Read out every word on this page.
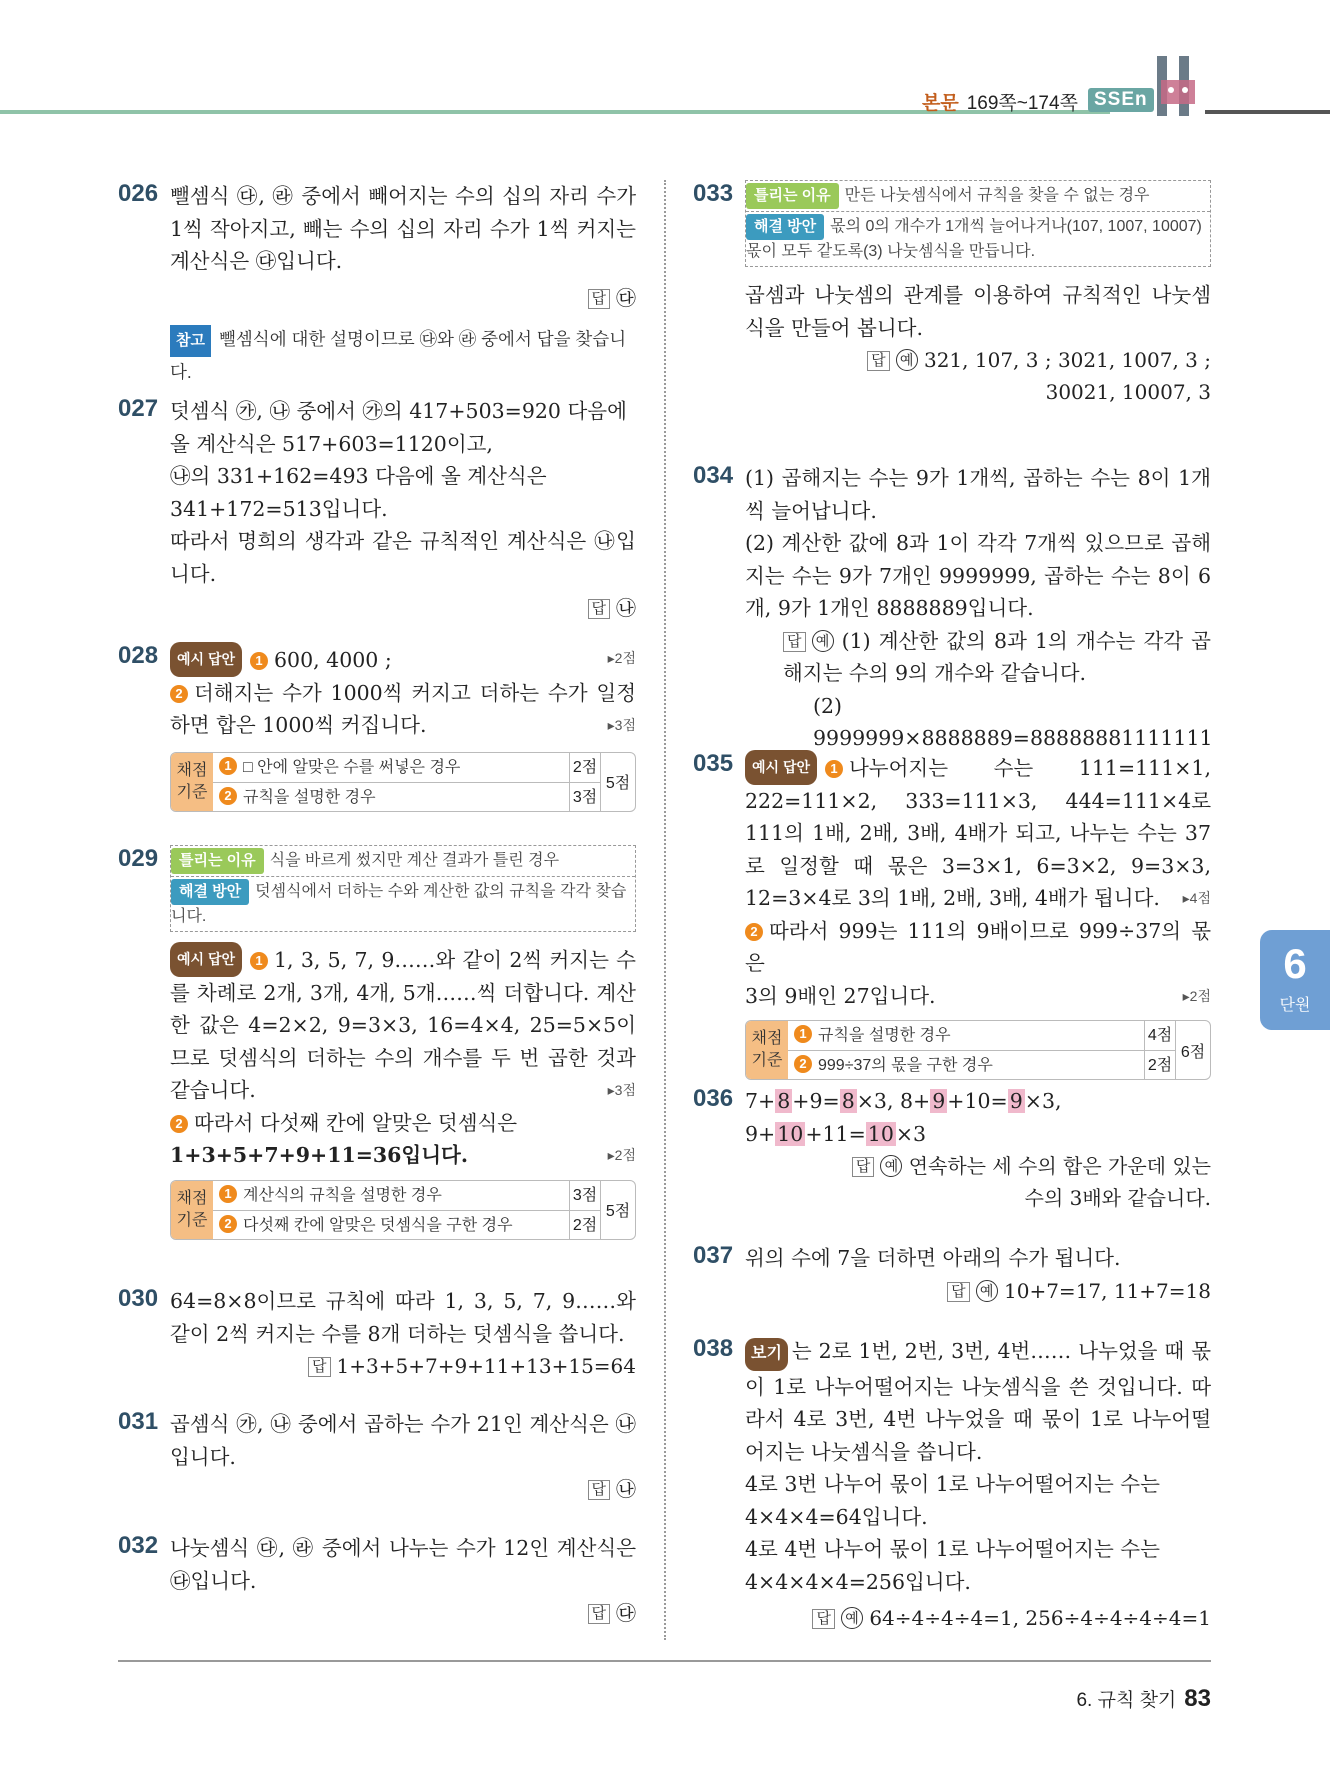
본문 169쪽~174쪽 SSEn
026 뺄셈식 ㉰, ㉱ 중에서 빼어지는 수의 십의 자리 수가 1씩 작아지고, 빼는 수의 십의 자리 수가 1씩 커지는 계산식은 ㉰입니다.
답 ㉰
참고 뺄셈식에 대한 설명이므로 ㉰와 ㉱ 중에서 답을 찾습니다.
027 덧셈식 ㉮, ㉯ 중에서 ㉮의 417+503=920 다음에

올 계산식은 517+603=1120이고,

㉯의 331+162=493 다음에 올 계산식은

341+172=513입니다.

따라서 명희의 생각과 같은 규칙적인 계산식은 ㉯입니다.

답 ㉯
028	예시 답안 1 600, 4000 ;	▸2점

2 더해지는 수가 1000씩 커지고 더하는 수가 일정하면 합은 1000씩 커집니다.	▸3점

채점
기준
1 □ 안에 알맞은 수를 써넣은 경우	2점
2 규칙을 설명한 경우	3점
5점
029	틀리는 이유 식을 바르게 썼지만 계산 결과가 틀린 경우
해결 방안 덧셈식에서 더하는 수와 계산한 값의 규칙을 각각 찾습니다.

예시 답안 1 1, 3, 5, 7, 9……와 같이 2씩 커지는 수를 차례로 2개, 3개, 4개, 5개……씩 더합니다. 계산한 값은 4=2×2, 9=3×3, 16=4×4, 25=5×5이므로 덧셈식의 더하는 수의 개수를 두 번 곱한 것과 같습니다.	▸3점

2 따라서 다섯째 칸에 알맞은 덧셈식은

1+3+5+7+9+11=36입니다.	▸2점

채점
기준
1 계산식의 규칙을 설명한 경우	3점
2 다섯째 칸에 알맞은 덧셈식을 구한 경우	2점
5점
030 64=8×8이므로 규칙에 따라 1, 3, 5, 7, 9……와 같이 2씩 커지는 수를 8개 더하는 덧셈식을 씁니다.
답 1+3+5+7+9+11+13+15=64
031 곱셈식 ㉮, ㉯ 중에서 곱하는 수가 21인 계산식은 ㉯입니다.
답 ㉯
032 나눗셈식 ㉰, ㉱ 중에서 나누는 수가 12인 계산식은 ㉰입니다.
답 ㉰
033	틀리는 이유 만든 나눗셈식에서 규칙을 찾을 수 없는 경우
해결 방안 몫의 0의 개수가 1개씩 늘어나거나(107, 1007, 10007) 몫이 모두 같도록(3) 나눗셈식을 만듭니다.
곱셈과 나눗셈의 관계를 이용하여 규칙적인 나눗셈식을 만들어 봅니다.
답 예 321, 107, 3 ; 3021, 1007, 3 ;
30021, 10007, 3
034 (1) 곱해지는 수는 9가 1개씩, 곱하는 수는 8이 1개씩 늘어납니다.

(2) 계산한 값에 8과 1이 각각 7개씩 있으므로 곱해지는 수는 9가 7개인 9999999, 곱하는 수는 8이 6개, 9가 1개인 8888889입니다.

답 예 (1) 계산한 값의 8과 1의 개수는 각각 곱해지는 수의 9의 개수와 같습니다.
(2) 9999999×8888889=88888881111111
035	예시 답안 1 나누어지는 수는 111=111×1, 222=111×2, 333=111×3, 444=111×4로 111의 1배, 2배, 3배, 4배가 되고, 나누는 수는 37로 일정할 때 몫은 3=3×1, 6=3×2, 9=3×3, 12=3×4로 3의 1배, 2배, 3배, 4배가 됩니다. ▸4점

2 따라서 999는 111의 9배이므로 999÷37의 몫은

3의 9배인 27입니다.	▸2점

채점
기준
1 규칙을 설명한 경우	4점
2 999÷37의 몫을 구한 경우	2점
6점
036 7+8+9=8×3, 8+9+10=9×3,

9+10+11=10×3

답 예 연속하는 세 수의 합은 가운데 있는
수의 3배와 같습니다.
037 위의 수에 7을 더하면 아래의 수가 됩니다.
답 예 10+7=17, 11+7=18
038	보기 는 2로 1번, 2번, 3번, 4번…… 나누었을 때 몫이 1로 나누어떨어지는 나눗셈식을 쓴 것입니다. 따라서 4로 3번, 4번 나누었을 때 몫이 1로 나누어떨어지는 나눗셈식을 씁니다.

4로 3번 나누어 몫이 1로 나누어떨어지는 수는

4×4×4=64입니다.

4로 4번 나누어 몫이 1로 나누어떨어지는 수는

4×4×4×4=256입니다.

답 예 64÷4÷4÷4=1, 256÷4÷4÷4÷4=1
6
단원
6. 규칙 찾기 83
